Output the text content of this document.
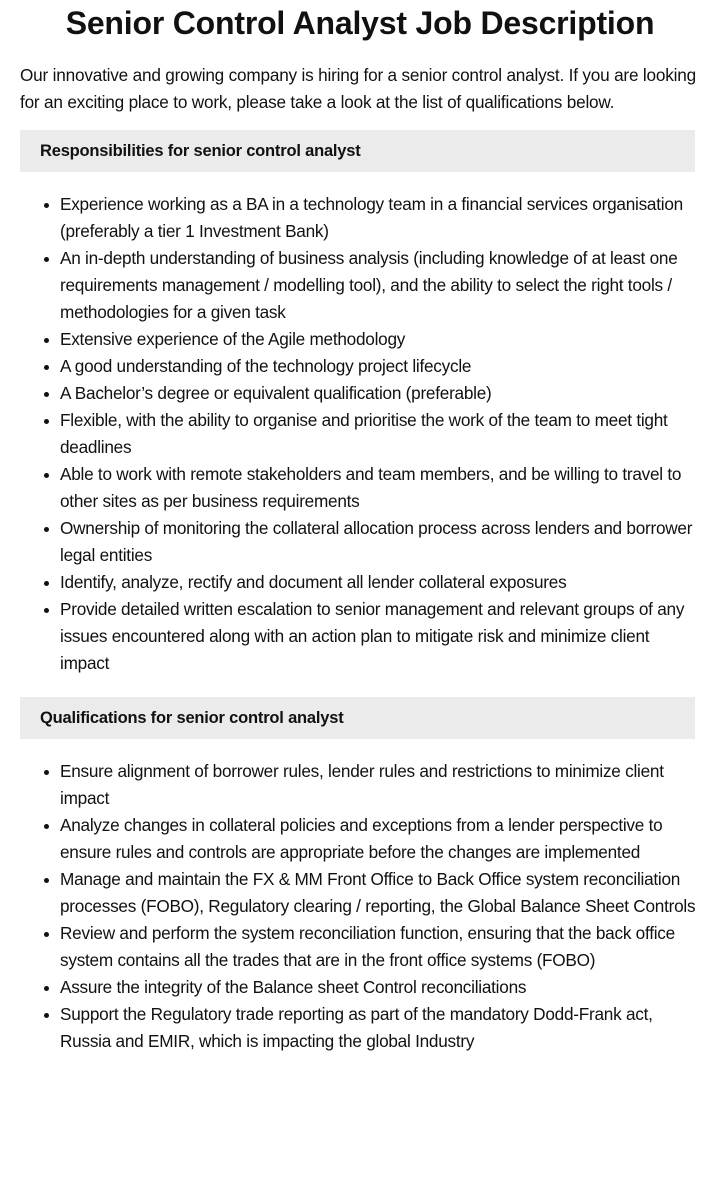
Senior Control Analyst Job Description

Our innovative and growing company is hiring for a senior control analyst. If you are looking for an exciting place to work, please take a look at the list of qualifications below.

Responsibilities for senior control analyst
Experience working as a BA in a technology team in a financial services organisation (preferably a tier 1 Investment Bank)
An in-depth understanding of business analysis (including knowledge of at least one requirements management / modelling tool), and the ability to select the right tools / methodologies for a given task
Extensive experience of the Agile methodology
A good understanding of the technology project lifecycle
A Bachelor’s degree or equivalent qualification (preferable)
Flexible, with the ability to organise and prioritise the work of the team to meet tight deadlines
Able to work with remote stakeholders and team members, and be willing to travel to other sites as per business requirements
Ownership of monitoring the collateral allocation process across lenders and borrower legal entities
Identify, analyze, rectify and document all lender collateral exposures
Provide detailed written escalation to senior management and relevant groups of any issues encountered along with an action plan to mitigate risk and minimize client impact
Qualifications for senior control analyst
Ensure alignment of borrower rules, lender rules and restrictions to minimize client impact
Analyze changes in collateral policies and exceptions from a lender perspective to ensure rules and controls are appropriate before the changes are implemented
Manage and maintain the FX & MM Front Office to Back Office system reconciliation processes (FOBO), Regulatory clearing / reporting, the Global Balance Sheet Controls
Review and perform the system reconciliation function, ensuring that the back office system contains all the trades that are in the front office systems (FOBO)
Assure the integrity of the Balance sheet Control reconciliations
Support the Regulatory trade reporting as part of the mandatory Dodd-Frank act, Russia and EMIR, which is impacting the global Industry
